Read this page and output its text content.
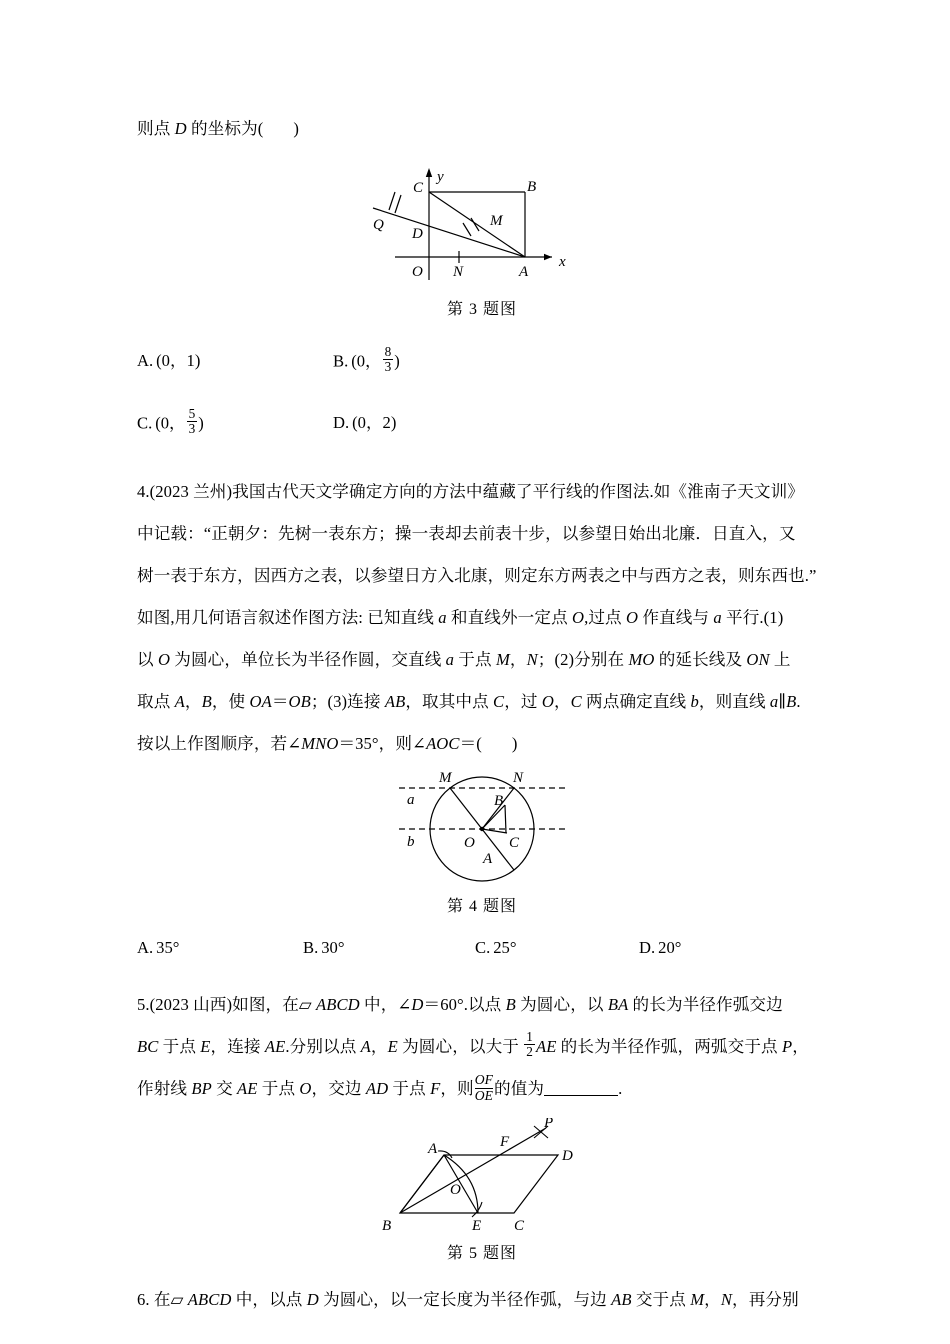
则点 D 的坐标为( )
C	B
D
Q	M
O N	A
x
y
第 3 题图
A. (0，1)	B. (0， $\frac{8}{3}$ )
C. (0， $\frac{5}{3}$ )	D. (0，2)
4.(2023 兰州)我国古代天文学确定方向的方法中蕴藏了平行线的作图法.如《淮南子天文训》
中记载：“正朝夕：先树一表东方；操一表却去前表十步，以参望日始出北廉．日直入，又
树一表于东方，因西方之表，以参望日方入北康，则定东方两表之中与西方之表，则东西也.”
如图,用几何语言叙述作图方法: 已知直线 a 和直线外一定点 O,过点 O 作直线与 a 平行.(1)
以 O 为圆心，单位长为半径作圆，交直线 a 于点 M，N；(2)分别在 MO 的延长线及 ON 上
取点 A，B，使 OA＝OB；(3)连接 AB，取其中点 C，过 O，C 两点确定直线 b，则直线 a∥B.
按以上作图顺序，若∠MNO＝35°，则∠AOC＝( )
M	N
a
b
B
O C
A
第 4 题图
A. 35°	B. 30°	C. 25°	D. 20°
5.(2023 山西)如图，在▱ ABCD 中，∠D＝60°.以点 B 为圆心，以 BA 的长为半径作弧交边
BC 于点 E，连接 AE.分别以点 A，E 为圆心，以大于 $\frac{1}{2}$ AE 的长为半径作弧，两弧交于点 P，
作射线 BP 交 AE 于点 O，交边 AD 于点 F，则 $\frac{OF}{OE}$ 的值为	.
A
B	C
D
E
F
O
P
第 5 题图
6. 在▱ ABCD 中，以点 D 为圆心，以一定长度为半径作弧，与边 AB 交于点 M，N，再分别
